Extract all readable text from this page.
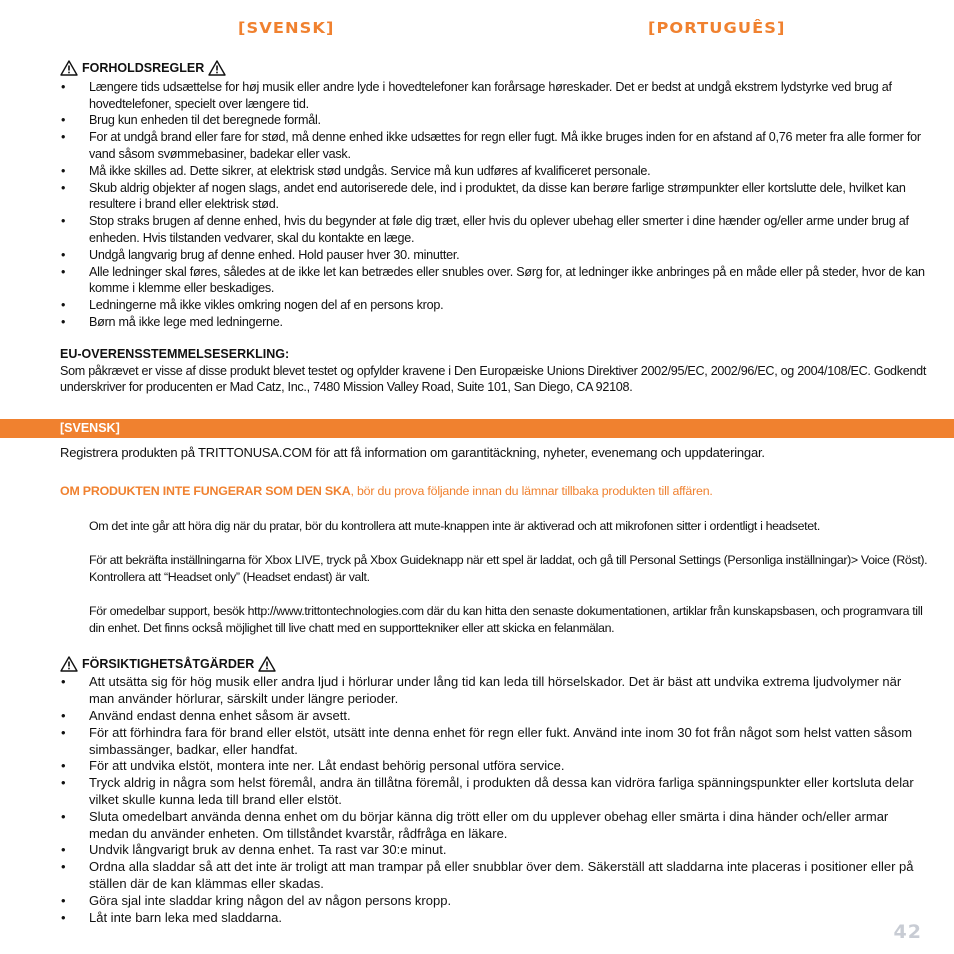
[SVENSK]	[PORTUGUÊS]
FORHOLDSREGLER
• Længere tids udsættelse for høj musik eller andre lyde i hovedtelefoner kan forårsage høreskader. Det er bedst at undgå ekstrem lydstyrke ved brug af hovedtelefoner, specielt over længere tid.
• Brug kun enheden til det beregnede formål.
• For at undgå brand eller fare for stød, må denne enhed ikke udsættes for regn eller fugt. Må ikke bruges inden for en afstand af 0,76 meter fra alle former for vand såsom svømmebasiner, badekar eller vask.
• Må ikke skilles ad. Dette sikrer, at elektrisk stød undgås. Service må kun udføres af kvalificeret personale.
• Skub aldrig objekter af nogen slags, andet end autoriserede dele, ind i produktet, da disse kan berøre farlige strømpunkter eller kortslutte dele, hvilket kan resultere i brand eller elektrisk stød.
• Stop straks brugen af denne enhed, hvis du begynder at føle dig træt, eller hvis du oplever ubehag eller smerter i dine hænder og/eller arme under brug af enheden. Hvis tilstanden vedvarer, skal du kontakte en læge.
• Undgå langvarig brug af denne enhed. Hold pauser hver 30. minutter.
• Alle ledninger skal føres, således at de ikke let kan betrædes eller snubles over. Sørg for, at ledninger ikke anbringes på en måde eller på steder, hvor de kan komme i klemme eller beskadiges.
• Ledningerne må ikke vikles omkring nogen del af en persons krop.
• Børn må ikke lege med ledningerne.
EU-OVERENSSTEMMELSESERKLING:
Som påkrævet er visse af disse produkt blevet testet og opfylder kravene i Den Europæiske Unions Direktiver 2002/95/EC, 2002/96/EC, og 2004/108/EC. Godkendt underskriver for producenten er Mad Catz, Inc., 7480 Mission Valley Road, Suite 101, San Diego, CA 92108.
[SVENSK]
Registrera produkten på TRITTONUSA.COM för att få information om garantitäckning, nyheter, evenemang och uppdateringar.
OM PRODUKTEN INTE FUNGERAR SOM DEN SKA, bör du prova följande innan du lämnar tillbaka produkten till affären.
Om det inte går att höra dig när du pratar, bör du kontrollera att mute-knappen inte är aktiverad och att mikrofonen sitter i ordentligt i headsetet.
För att bekräfta inställningarna för Xbox LIVE, tryck på Xbox Guideknapp när ett spel är laddat, och gå till Personal Settings (Personliga inställningar)> Voice (Röst). Kontrollera att “Headset only” (Headset endast) är valt.
För omedelbar support, besök http://www.trittontechnologies.com där du kan hitta den senaste dokumentationen, artiklar från kunskapsbasen, och programvara till din enhet. Det finns också möjlighet till live chatt med en supporttekniker eller att skicka en felanmälan.
FÖRSIKTIGHETSÅTGÄRDER
• Att utsätta sig för hög musik eller andra ljud i hörlurar under lång tid kan leda till hörselskador. Det är bäst att undvika extrema ljudvolymer när man använder hörlurar, särskilt under längre perioder.
• Använd endast denna enhet såsom är avsett.
• För att förhindra fara för brand eller elstöt, utsätt inte denna enhet för regn eller fukt. Använd inte inom 30 fot från något som helst vatten såsom simbassänger, badkar, eller handfat.
• För att undvika elstöt, montera inte ner. Låt endast behörig personal utföra service.
• Tryck aldrig in några som helst föremål, andra än tillåtna föremål, i produkten då dessa kan vidröra farliga spänningspunkter eller kortsluta delar vilket skulle kunna leda till brand eller elstöt.
• Sluta omedelbart använda denna enhet om du börjar känna dig trött eller om du upplever obehag eller smärta i dina händer och/eller armar medan du använder enheten. Om tillståndet kvarstår, rådfråga en läkare.
• Undvik långvarigt bruk av denna enhet. Ta rast var 30:e minut.
• Ordna alla sladdar så att det inte är troligt att man trampar på eller snubblar över dem. Säkerställ att sladdarna inte placeras i positioner eller på ställen där de kan klämmas eller skadas.
• Göra sjal inte sladdar kring någon del av någon persons kropp.
• Låt inte barn leka med sladdarna.
42
